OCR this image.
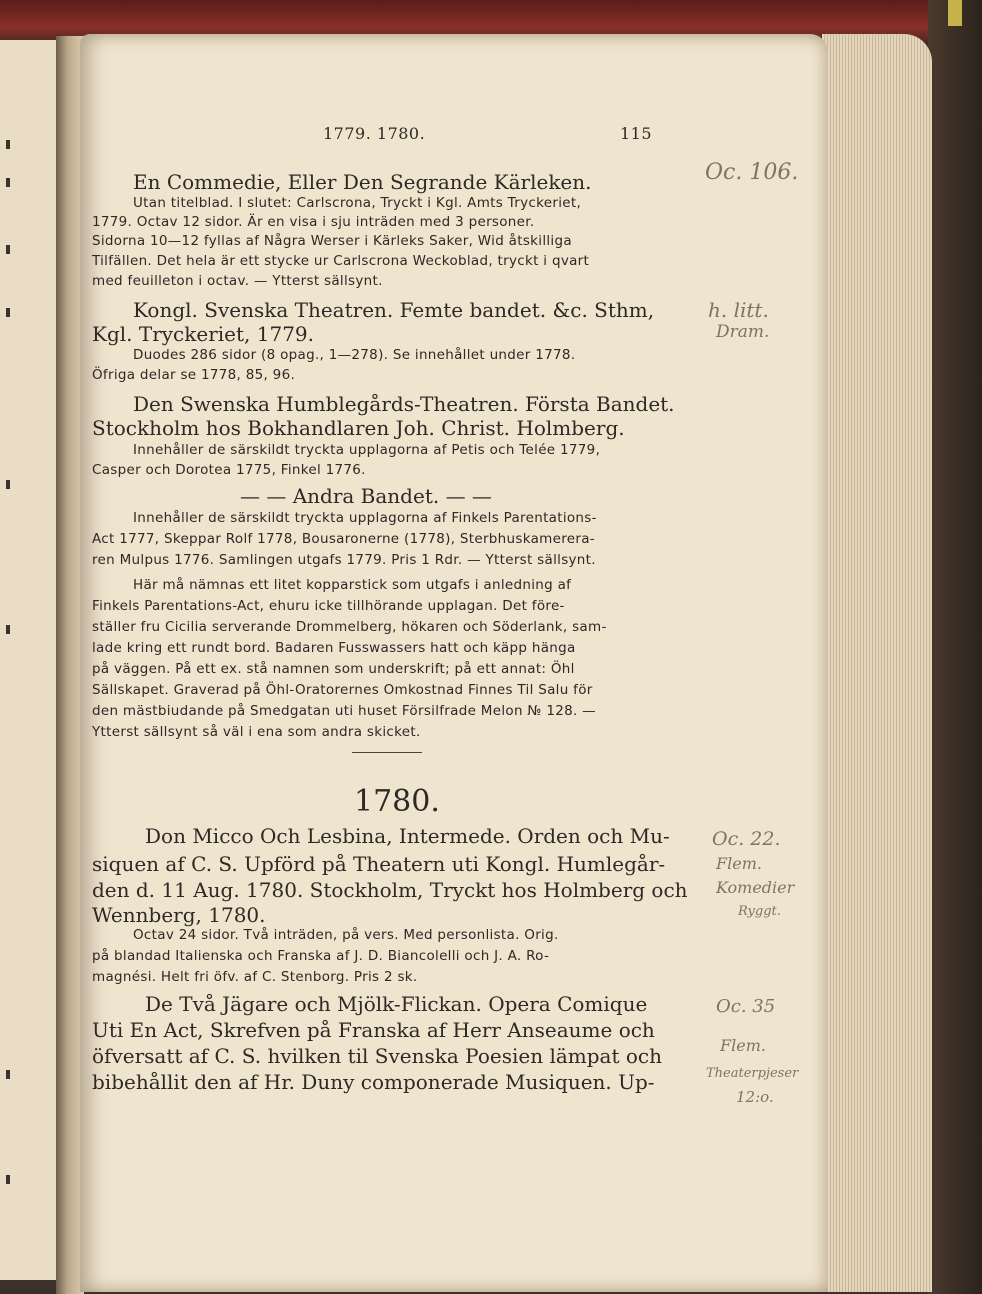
1779. 1780.	115
En Commedie, Eller Den Segrande Kärleken.
Utan titelblad. I slutet: Carlscrona, Tryckt i Kgl. Amts Tryckeriet,
1779. Octav 12 sidor. Är en visa i sju inträden med 3 personer.
Sidorna 10—12 fyllas af Några Werser i Kärleks Saker, Wid åtskilliga
Tilfällen. Det hela är ett stycke ur Carlscrona Weckoblad, tryckt i qvart
med feuilleton i octav. — Ytterst sällsynt.
Kongl. Svenska Theatren. Femte bandet. &c. Sthm,
Kgl. Tryckeriet, 1779.
Duodes 286 sidor (8 opag., 1—278). Se innehållet under 1778.
Öfriga delar se 1778, 85, 96.
Den Swenska Humblegårds-Theatren. Första Bandet.
Stockholm hos Bokhandlaren Joh. Christ. Holmberg.
Innehåller de särskildt tryckta upplagorna af Petis och Telée 1779,
Casper och Dorotea 1775, Finkel 1776.
— — Andra Bandet. — —
Innehåller de särskildt tryckta upplagorna af Finkels Parentations-
Act 1777, Skeppar Rolf 1778, Bousaronerne (1778), Sterbhuskamerera-
ren Mulpus 1776. Samlingen utgafs 1779. Pris 1 Rdr. — Ytterst sällsynt.
Här må nämnas ett litet kopparstick som utgafs i anledning af
Finkels Parentations-Act, ehuru icke tillhörande upplagan. Det före-
ställer fru Cicilia serverande Drommelberg, hökaren och Söderlank, sam-
lade kring ett rundt bord. Badaren Fusswassers hatt och käpp hänga
på väggen. På ett ex. stå namnen som underskrift; på ett annat: Öhl
Sällskapet. Graverad på Öhl-Oratorernes Omkostnad Finnes Til Salu för
den mästbiudande på Smedgatan uti huset Försilfrade Melon № 128. —
Ytterst sällsynt så väl i ena som andra skicket.
1780.
Don Micco Och Lesbina, Intermede. Orden och Mu-
siquen af C. S. Upförd på Theatern uti Kongl. Humlegår-
den d. 11 Aug. 1780. Stockholm, Tryckt hos Holmberg och
Wennberg, 1780.
Octav 24 sidor. Två inträden, på vers. Med personlista. Orig.
på blandad Italienska och Franska af J. D. Biancolelli och J. A. Ro-
magnési. Helt fri öfv. af C. Stenborg. Pris 2 sk.
De Två Jägare och Mjölk-Flickan. Opera Comique
Uti En Act, Skrefven på Franska af Herr Anseaume och
öfversatt af C. S. hvilken til Svenska Poesien lämpat och
bibehållit den af Hr. Duny componerade Musiquen. Up-
Oc. 106.
h. litt.
Dram.
Oc. 22.
Flem.
Komedier
Ryggt.
Oc. 35
Flem.
Theaterpjeser
12:o.
